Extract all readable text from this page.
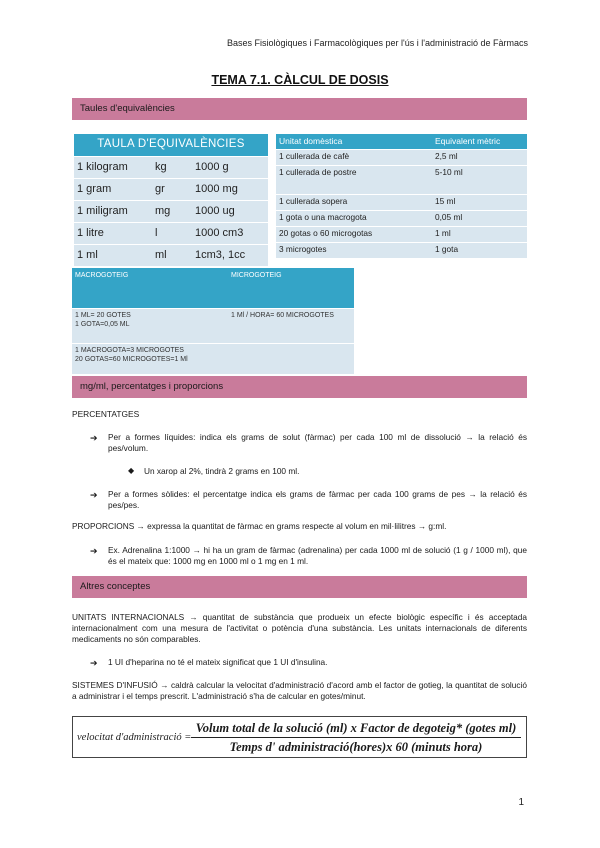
Bases Fisiològiques i Farmacològiques per l'ús i l'administració de Fàrmacs
TEMA 7.1. CÀLCUL DE DOSIS
Taules d'equivalències
TAULA D'EQUIVALÈNCIES		
1 kilogram	kg	1000 g
1 gram	gr	1000 mg
1 miligram	mg	1000 ug
1 litre	l	1000 cm3
1 ml	ml	1cm3, 1cc
Unitat domèstica	Equivalent mètric
1 cullerada de cafè	2,5 ml
1 cullerada de postre	5-10 ml
1 cullerada sopera	15 ml
1 gota o una macrogota	0,05 ml
20 gotas o 60 microgotas	1 ml
3 microgotes	1 gota
MACROGOTEIG	MICROGOTEIG

1 ML= 20 GOTES
1 GOTA=0,05 ML	1 Ml / HORA= 60 MICROGOTES

1 MACROGOTA=3 MICROGOTES
20 GOTAS=60 MICROGOTES=1 Ml	

mg/ml, percentatges i proporcions
PERCENTATGES
➔	Per a formes líquides: indica els grams de solut (fàrmac) per cada 100 ml de dissolució → la relació és pes/volum.
◆	Un xarop al 2%, tindrà 2 grams en 100 ml.
➔	Per a formes sòlides: el percentatge indica els grams de fàrmac per cada 100 grams de pes → la relació és pes/pes.
PROPORCIONS → expressa la quantitat de fàrmac en grams respecte al volum en mil·lilitres → g:ml.
➔	Ex. Adrenalina 1:1000 → hi ha un gram de fàrmac (adrenalina) per cada 1000 ml de solució (1 g / 1000 ml), que és el mateix que: 1000 mg en 1000 ml o 1 mg en 1 ml.
Altres conceptes
UNITATS INTERNACIONALS → quantitat de substància que produeix un efecte biològic específic i és acceptada internacionalment com una mesura de l'activitat o potència d'una substància. Les unitats internacionals de diferents medicaments no són comparables.
➔	1 UI d'heparina no té el mateix significat que 1 UI d'insulina.
SISTEMES D'INFUSIÓ → caldrà calcular la velocitat d'administració d'acord amb el factor de gotieg, la quantitat de solució a administrar i el temps prescrit. L'administració s'ha de calcular en gotes/minut.
velocitat d'administració =
Volum total de la solució (ml) x Factor de degoteig* (gotes ml)
Temps d' administració(hores)x 60 (minuts hora)
1
